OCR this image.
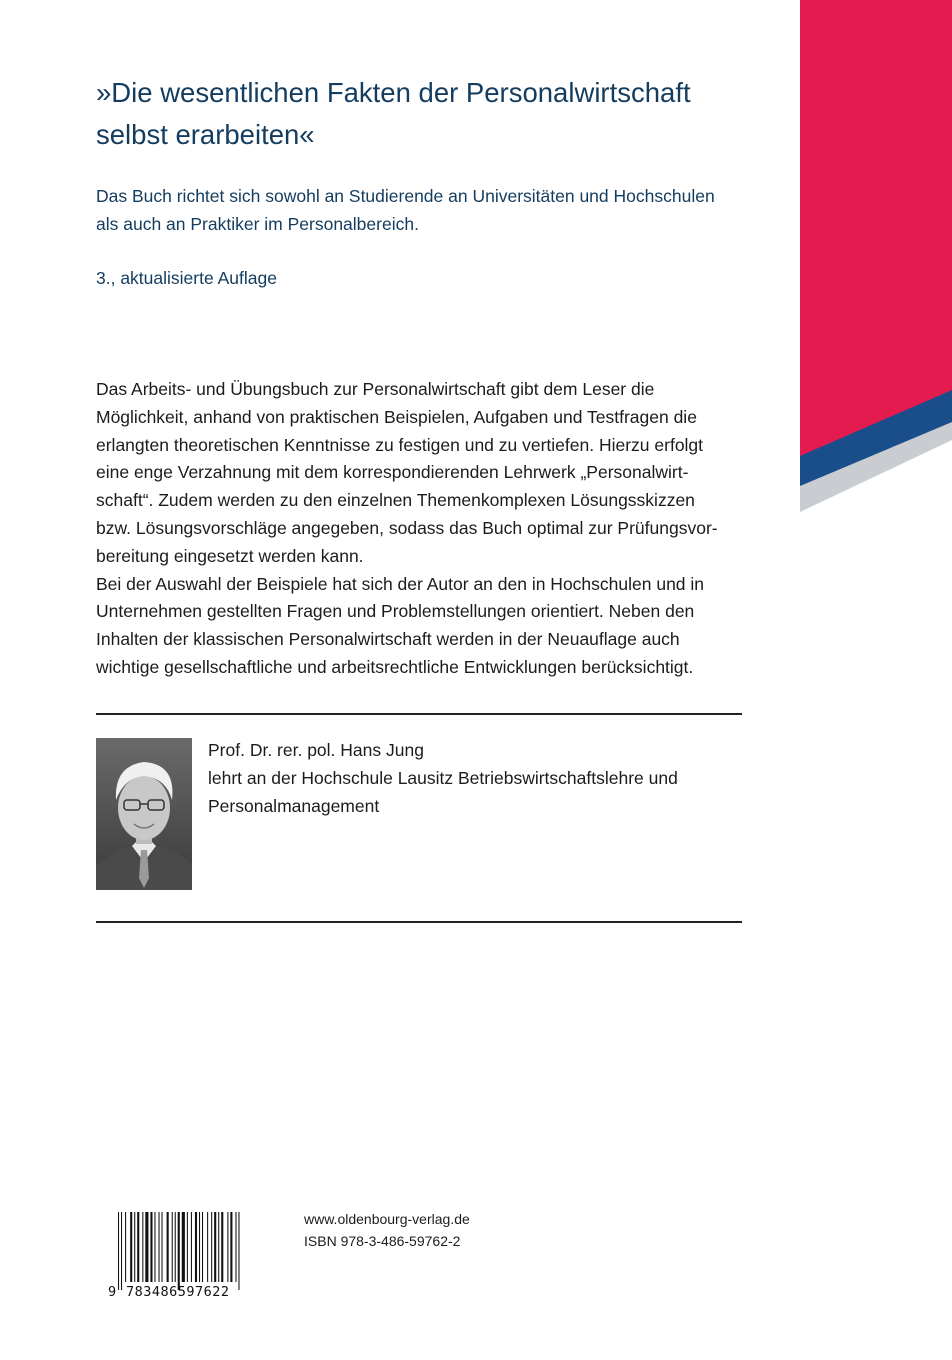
»Die wesentlichen Fakten der Personalwirtschaft
selbst erarbeiten«
Das Buch richtet sich sowohl an Studierende an Universitäten und Hochschulen
als auch an Praktiker im Personalbereich.
3., aktualisierte Auflage
Das Arbeits- und Übungsbuch zur Personalwirtschaft gibt dem Leser die
Möglichkeit, anhand von praktischen Beispielen, Aufgaben und Testfragen die
erlangten theoretischen Kenntnisse zu festigen und zu vertiefen. Hierzu erfolgt
eine enge Verzahnung mit dem korrespondierenden Lehrwerk „Personalwirt-
schaft“. Zudem werden zu den einzelnen Themenkomplexen Lösungsskizzen
bzw. Lösungsvorschläge angegeben, sodass das Buch optimal zur Prüfungsvor-
bereitung eingesetzt werden kann.
Bei der Auswahl der Beispiele hat sich der Autor an den in Hochschulen und in
Unternehmen gestellten Fragen und Problemstellungen orientiert. Neben den
Inhalten der klassischen Personalwirtschaft werden in der Neuauflage auch
wichtige gesellschaftliche und arbeitsrechtliche Entwicklungen berücksichtigt.
Prof. Dr. rer. pol. Hans Jung
lehrt an der Hochschule Lausitz Betriebswirtschaftslehre und
Personalmanagement
9 783486597622
www.oldenbourg-verlag.de
ISBN 978-3-486-59762-2
